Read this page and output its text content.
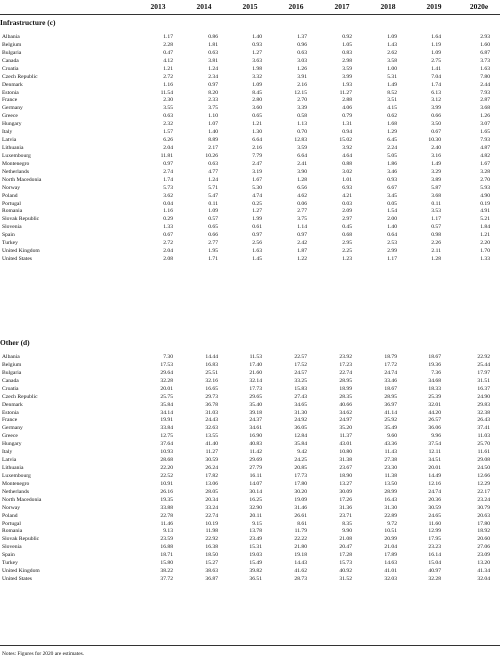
2013	2014	2015	2016	2017	2018	2019	2020e
Notes: Figures for 2020 are estimates.
Infrastructure (c)
Albania	1.17	0.86	1.40	1.37	0.92	1.09	1.64	2.93
Belgium	2.28	1.81	0.93	0.96	1.05	1.43	1.19	1.60
Bulgaria	0.47	0.63	1.27	0.63	0.83	2.62	1.09	6.87
Canada	4.12	3.81	3.63	3.03	2.98	3.58	2.75	3.73
Croatia	1.21	1.24	1.98	1.26	3.59	1.00	1.41	1.63
Czech Republic	2.72	2.34	3.32	3.91	3.99	5.31	7.04	7.80
Denmark	1.16	0.97	1.09	2.16	1.93	1.49	1.74	2.44
Estonia	11.54	8.20	8.45	12.15	11.27	8.52	6.13	7.93
France	2.30	2.33	2.80	2.70	2.88	3.51	3.12	2.87
Germany	3.55	3.75	3.60	3.39	4.06	4.15	3.99	3.68
Greece	0.63	1.10	0.65	0.58	0.79	0.62	0.66	1.26
Hungary	2.32	1.07	1.21	1.13	1.31	1.68	3.50	3.07
Italy	1.57	1.40	1.30	0.70	0.94	1.29	0.67	1.65
Latvia	6.26	8.89	6.64	12.83	15.02	6.45	10.30	7.93
Lithuania	2.04	2.17	2.16	3.59	3.92	2.24	2.40	4.87
Luxembourg	11.81	10.26	7.79	6.64	4.64	5.05	3.16	4.82
Montenegro	0.97	0.63	2.47	2.41	0.88	1.86	1.49	1.67
Netherlands	2.74	4.77	3.19	3.90	3.02	3.46	3.29	3.28
North Macedonia	1.74	1.24	1.67	1.28	1.01	0.93	3.89	2.70
Norway	5.73	5.71	5.30	6.56	6.93	6.67	5.87	5.93
Poland	3.62	5.47	4.74	4.62	4.21	3.45	3.68	4.90
Portugal	0.04	0.11	0.25	0.06	0.03	0.05	0.11	0.19
Romania	1.16	1.09	1.27	2.77	2.09	1.54	3.53	4.91
Slovak Republic	0.29	0.57	1.99	3.75	2.97	2.00	1.17	5.21
Slovenia	1.33	0.65	0.61	1.14	0.45	1.40	0.57	1.84
Spain	0.67	0.66	0.97	0.97	0.68	0.64	0.98	1.21
Turkey	2.72	2.77	2.56	2.42	2.95	2.53	2.26	2.20
United Kingdom	2.04	1.95	1.63	1.87	2.25	2.99	2.11	1.70
United States	2.08	1.71	1.45	1.22	1.23	1.17	1.28	1.33
Other (d)
Albania	7.30	14.44	11.53	22.57	23.92	18.79	18.67	22.92
Belgium	17.53	16.83	17.40	17.52	17.23	17.72	19.36	25.44
Bulgaria	29.64	25.51	21.60	24.57	22.74	24.74	7.36	17.97
Canada	32.28	32.16	32.14	33.25	28.95	33.46	34.68	31.51
Croatia	20.01	16.65	17.73	15.83	18.99	18.67	18.33	16.37
Czech Republic	25.75	29.73	29.65	27.43	28.35	28.95	25.39	24.90
Denmark	35.84	36.78	35.40	34.65	40.66	36.97	32.01	29.83
Estonia	34.14	31.03	39.18	31.30	34.62	41.14	44.20	32.38
France	19.91	24.43	24.37	24.92	24.97	25.92	26.57	26.43
Germany	33.84	32.63	34.61	36.05	35.20	35.49	36.06	37.41
Greece	12.75	13.55	16.90	12.84	11.37	9.60	9.96	11.03
Hungary	37.64	41.40	40.83	35.84	43.01	43.36	37.54	25.70
Italy	10.93	11.27	11.42	9.42	10.80	11.43	12.11	11.61
Latvia	28.68	30.59	29.69	24.25	31.38	27.38	34.51	29.08
Lithuania	22.20	26.24	27.79	20.85	23.67	23.30	20.01	24.50
Luxembourg	22.52	17.82	16.11	17.73	18.90	11.38	14.49	12.66
Montenegro	10.91	13.06	14.07	17.80	13.27	13.50	12.16	12.29
Netherlands	26.16	28.05	30.14	30.20	30.09	28.99	24.74	22.17
North Macedonia	19.35	20.34	16.25	19.09	17.26	16.43	20.36	23.24
Norway	33.88	33.24	32.90	31.46	31.36	31.30	30.59	30.79
Poland	22.78	22.74	20.11	26.61	23.71	22.89	24.65	20.63
Portugal	11.46	10.19	9.15	8.61	8.35	9.72	11.60	17.80
Romania	9.13	11.98	13.78	11.79	9.90	10.51	12.99	18.92
Slovak Republic	23.59	22.92	23.49	22.22	21.08	20.99	17.95	20.60
Slovenia	16.88	16.38	15.31	21.80	20.47	21.04	23.23	27.06
Spain	18.71	18.50	19.03	19.18	17.28	17.89	16.14	23.09
Turkey	15.80	15.27	15.49	14.43	15.73	14.63	15.04	13.20
United Kingdom	38.22	38.63	39.82	41.62	40.92	41.01	40.97	41.34
United States	37.72	36.87	36.51	28.73	31.52	32.03	32.28	32.04
